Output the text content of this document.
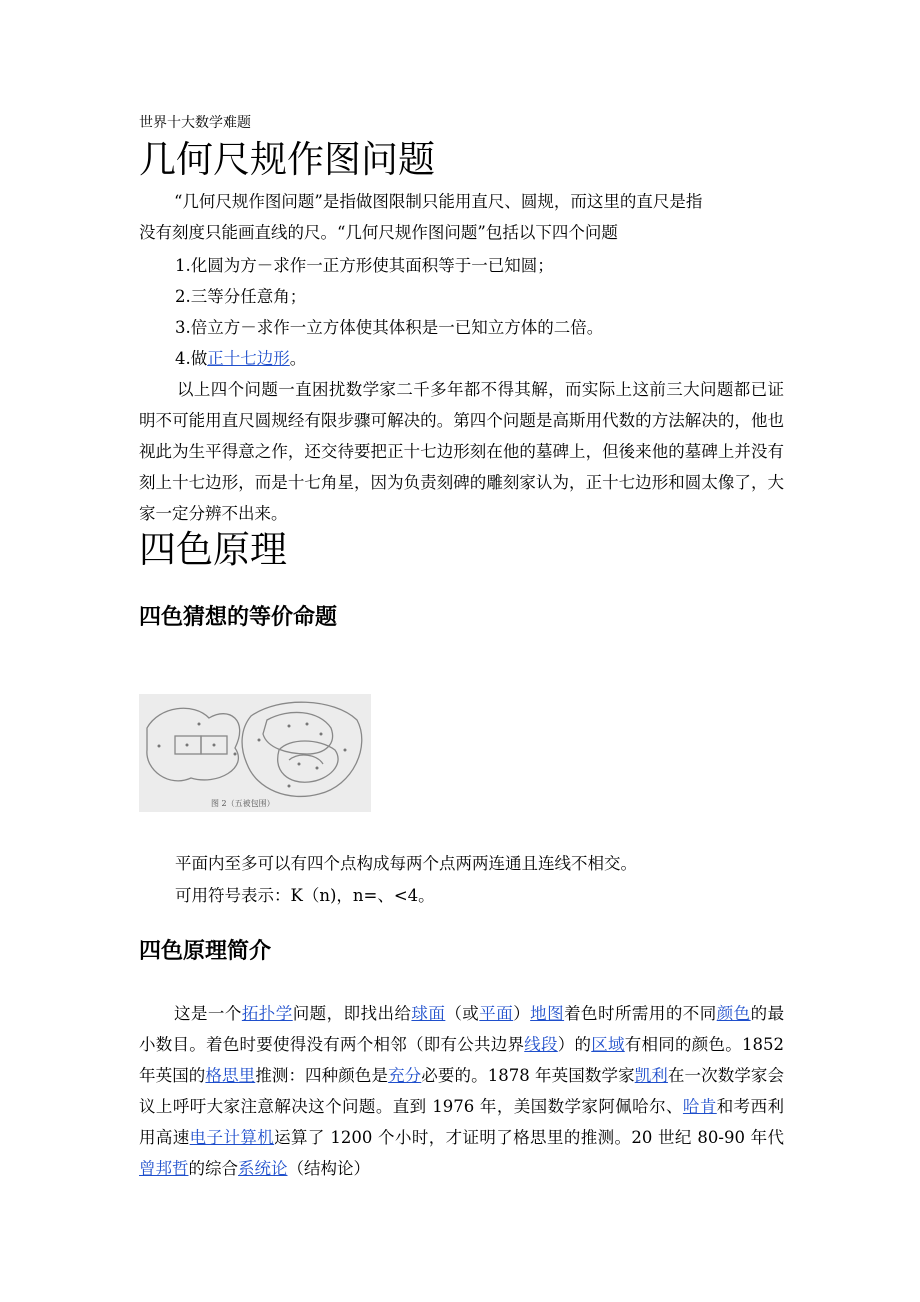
世界十大数学难题
几何尺规作图问题

“几何尺规作图问题”是指做图限制只能用直尺、圆规，而这里的直尺是指

没有刻度只能画直线的尺。“几何尺规作图问题”包括以下四个问题

1.化圆为方－求作一正方形使其面积等于一已知圆；
2.三等分任意角；
3.倍立方－求作一立方体使其体积是一已知立方体的二倍。
4.做正十七边形。

以上四个问题一直困扰数学家二千多年都不得其解，而实际上这前三大问题都已证明不可能用直尺圆规经有限步骤可解决的。第四个问题是高斯用代数的方法解决的，他也视此为生平得意之作，还交待要把正十七边形刻在他的墓碑上，但後来他的墓碑上并没有刻上十七边形，而是十七角星，因为负责刻碑的雕刻家认为，正十七边形和圆太像了，大家一定分辨不出来。

四色原理
四色猜想的等价命题
图 2（五被包围）
平面内至多可以有四个点构成每两个点两两连通且连线不相交。
可用符号表示：K（n)，n=、<4。
四色原理简介

这是一个拓扑学问题，即找出给球面（或平面）地图着色时所需用的不同颜色的最小数目。着色时要使得没有两个相邻（即有公共边界线段）的区域有相同的颜色。1852 年英国的格思里推测：四种颜色是充分必要的。1878 年英国数学家凯利在一次数学家会议上呼吁大家注意解决这个问题。直到 1976 年，美国数学家阿佩哈尔、哈肯和考西利用高速电子计算机运算了 1200 个小时，才证明了格思里的推测。20 世纪 80-90 年代曾邦哲的综合系统论（结构论）
